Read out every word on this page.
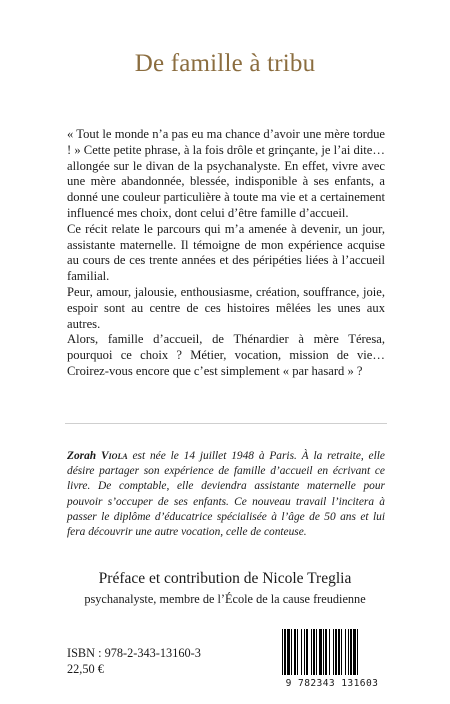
De famille à tribu

« Tout le monde n’a pas eu ma chance d’avoir une mère tordue ! » Cette petite phrase, à la fois drôle et grinçante, je l’ai dite… allongée sur le divan de la psychanalyste. En effet, vivre avec une mère abandonnée, blessée, indisponible à ses enfants, a donné une couleur particulière à toute ma vie et a certainement influencé mes choix, dont celui d’être famille d’accueil.

Ce récit relate le parcours qui m’a amenée à devenir, un jour, assistante maternelle. Il témoigne de mon expérience acquise au cours de ces trente années et des péripéties liées à l’accueil familial.

Peur, amour, jalousie, enthousiasme, création, souffrance, joie, espoir sont au centre de ces histoires mêlées les unes aux autres.

Alors, famille d’accueil, de Thénardier à mère Téresa, pourquoi ce choix ? Métier, vocation, mission de vie… Croirez-vous encore que c’est simplement « par hasard » ?

Zorah Viola est née le 14 juillet 1948 à Paris. À la retraite, elle désire partager son expérience de famille d’accueil en écrivant ce livre. De comptable, elle deviendra assistante maternelle pour pouvoir s’occuper de ses enfants. Ce nouveau travail l’incitera à passer le diplôme d’éducatrice spécialisée à l’âge de 50 ans et lui fera découvrir une autre vocation, celle de conteuse.
Préface et contribution de Nicole Treglia
psychanalyste, membre de l’École de la cause freudienne
ISBN : 978-2-343-13160-3
22,50 €
9 782343 131603
